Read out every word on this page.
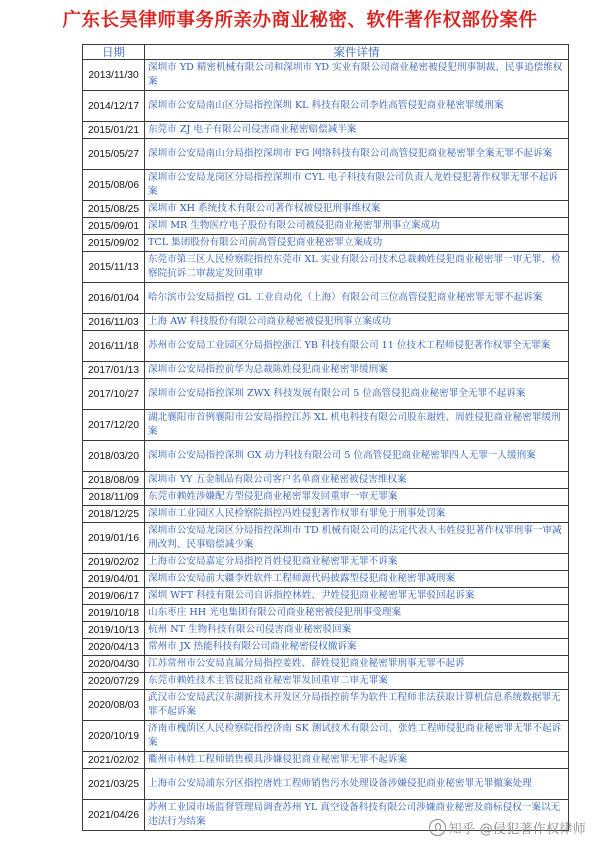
广东长昊律师事务所亲办商业秘密、软件著作权部份案件
日期	案件详情
2013/11/30	深圳市 YD 精密机械有限公司和深圳市 YD 实业有限公司商业秘密被侵犯刑事制裁、民事追偿维权案
2014/12/17	深圳市公安局南山区分局指控深圳 KL 科技有限公司李姓高管侵犯商业秘密罪缓刑案
2015/01/21	东莞市 ZJ 电子有限公司侵害商业秘密赔偿减半案
2015/05/27	深圳市公安局南山分局指控深圳市 FG 网络科技有限公司高管侵犯商业秘密罪全案无罪不起诉案
2015/08/06	深圳市公安局龙岗区分局指控深圳市 CYL 电子科技有限公司负责人龙姓侵犯著作权罪无罪不起诉案
2015/08/25	深圳市 XH 系统技术有限公司著作权被侵犯刑事维权案
2015/09/01	深圳 MR 生物医疗电子股份有限公司被侵犯商业秘密罪刑事立案成功
2015/09/02	TCL 集团股份有限公司前高管侵犯商业秘密罪立案成功
2015/11/13	东莞市第三区人民检察院指控东莞市 XL 实业有限公司技术总裁赖姓侵犯商业秘密罪一审无罪、检察院抗诉二审裁定发回重审
2016/01/04	哈尔滨市公安局指控 GL 工业自动化（上海）有限公司三位高管侵犯商业秘密罪无罪不起诉案
2016/11/03	上海 AW 科技股份有限公司商业秘密被侵犯刑事立案成功
2016/11/18	苏州市公安局工业园区分局指控浙江 YB 科技有限公司 11 位技术工程师侵犯著作权罪全无罪案
2017/01/13	深圳市公安局指控前华为总裁陈姓侵犯商业秘密罪缓刑案
2017/10/27	深圳市公安局指控深圳 ZWX 科技发展有限公司 5 位高管侵犯商业秘密罪全无罪不起诉案
2017/12/20	湖北襄阳市首例襄阳市公安局指控江苏 XL 机电科技有限公司股东谢姓、周姓侵犯商业秘密罪缓刑案
2018/03/20	深圳市公安局指控深圳 GX 动力科技有限公司 5 位高管侵犯商业秘密罪四人无罪一人缓刑案
2018/08/09	深圳市 YY 五金制品有限公司客户名单商业秘密被侵害维权案
2018/11/09	东莞市赖姓涉嫌配方型侵犯商业秘密罪发回重审一审无罪案
2018/12/25	深圳市工业园区人民检察院指控冯姓侵犯著作权罪有罪免于刑事处罚案
2019/01/16	深圳市公安局龙岗区分局指控深圳市 TD 机械有限公司的法定代表人韦姓侵犯著作权罪刑事一审减刑改判、民事赔偿减少案
2019/02/02	上海市公安局嘉定分局指控肖姓侵犯商业秘密罪无罪不诉案
2019/04/01	深圳市公安局前大疆李姓软件工程师源代码披露型侵犯商业秘密罪减刑案
2019/06/17	深圳 WFT 科技有限公司自诉指控林姓、尹姓侵犯商业秘密罪无罪驳回起诉案
2019/10/18	山东枣庄 HH 光电集团有限公司商业秘密被侵犯刑事受理案
2019/10/13	杭州 NT 生物科技有限公司侵害商业秘密驳回案
2020/04/13	常州市 JX 热能科技有限公司商业秘密侵权撤诉案
2020/04/30	江苏常州市公安局直属分局指控姜姓、薛姓侵犯商业秘密罪刑事无罪不起诉
2020/07/29	东莞市赖姓技术主管侵犯商业秘密罪发回重审二审无罪案
2020/08/03	武汉市公安局武汉东湖新技术开发区分局指控前华为软件工程师非法获取计算机信息系统数据罪无罪不起诉案
2020/10/19	济南市槐荫区人民检察院指控济南 SK 测试技术有限公司、张姓工程师侵犯商业秘密罪无罪不起诉案
2021/02/02	衢州市林姓工程师销售模具涉嫌侵犯商业秘密罪无罪不起诉案
2021/03/25	上海市公安局浦东分区指控唐姓工程师销售污水处理设备涉嫌侵犯商业秘密罪无罪撤案处理
2021/04/26	苏州工业园市场监督管理局调查苏州 YL 真空设备科技有限公司涉嫌商业秘密及商标侵权一案以无违法行为结案
知乎 @侵犯著作权律师
